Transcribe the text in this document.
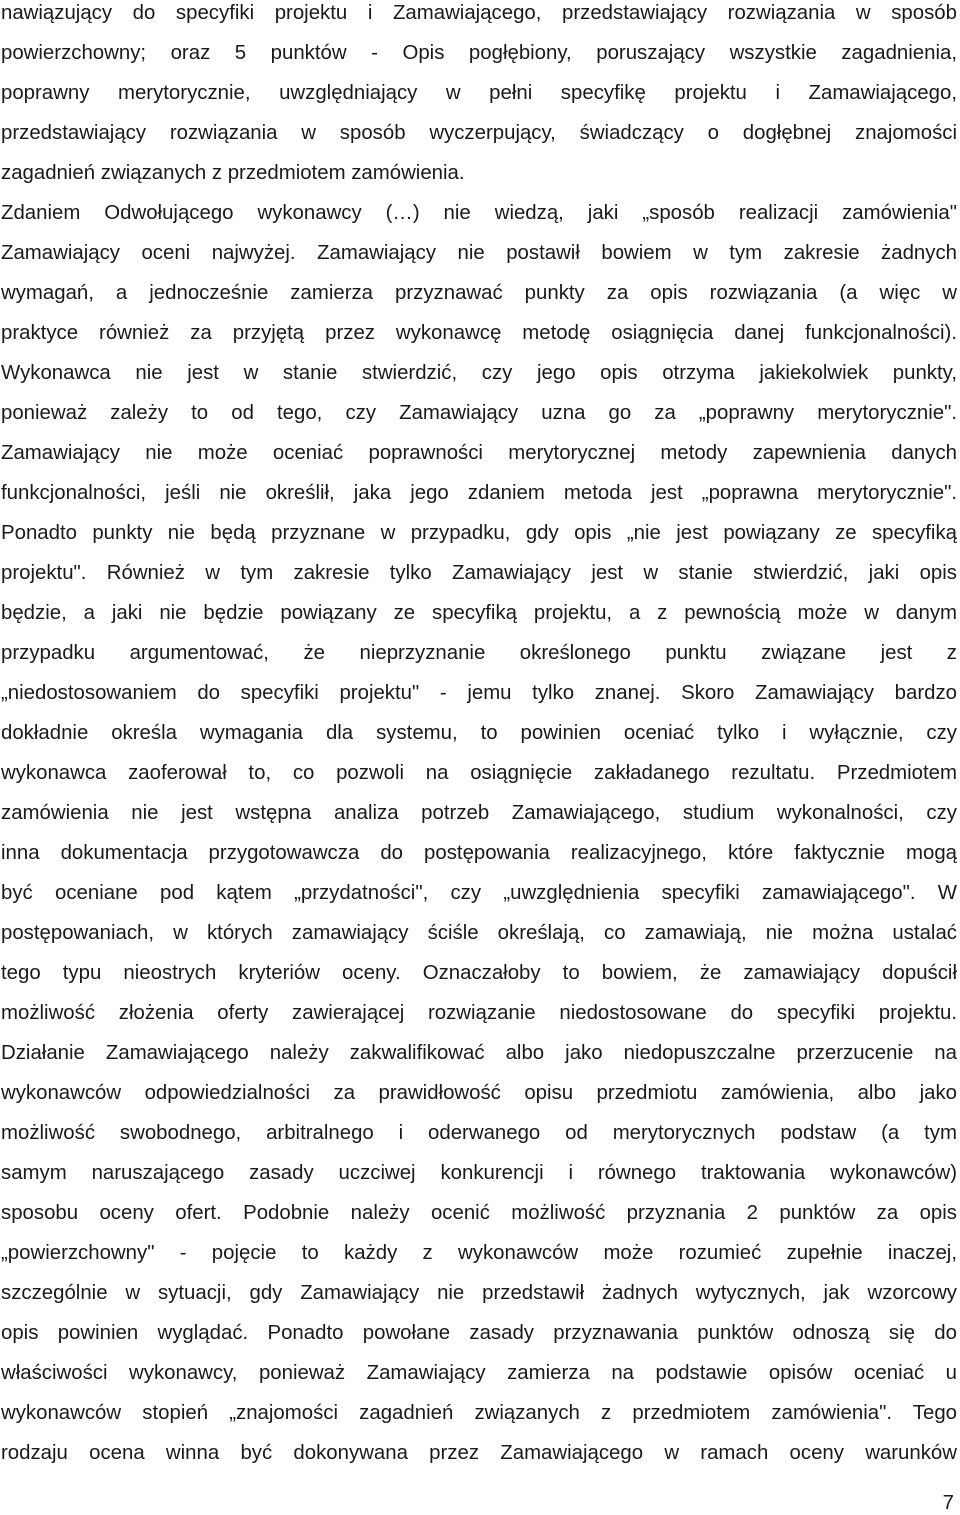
nawiązujący do specyfiki projektu i Zamawiającego, przedstawiający rozwiązania w sposób
powierzchowny; oraz 5 punktów - Opis pogłębiony, poruszający wszystkie zagadnienia,
poprawny merytorycznie, uwzględniający w pełni specyfikę projektu i Zamawiającego,
przedstawiający rozwiązania w sposób wyczerpujący, świadczący o dogłębnej znajomości
zagadnień związanych z przedmiotem zamówienia.
Zdaniem Odwołującego wykonawcy (…) nie wiedzą, jaki „sposób realizacji zamówienia"
Zamawiający oceni najwyżej. Zamawiający nie postawił bowiem w tym zakresie żadnych
wymagań, a jednocześnie zamierza przyznawać punkty za opis rozwiązania (a więc w
praktyce również za przyjętą przez wykonawcę metodę osiągnięcia danej funkcjonalności).
Wykonawca nie jest w stanie stwierdzić, czy jego opis otrzyma jakiekolwiek punkty,
ponieważ zależy to od tego, czy Zamawiający uzna go za „poprawny merytorycznie".
Zamawiający nie może oceniać poprawności merytorycznej metody zapewnienia danych
funkcjonalności, jeśli nie określił, jaka jego zdaniem metoda jest „poprawna merytorycznie".
Ponadto punkty nie będą przyznane w przypadku, gdy opis „nie jest powiązany ze specyfiką
projektu". Również w tym zakresie tylko Zamawiający jest w stanie stwierdzić, jaki opis
będzie, a jaki nie będzie powiązany ze specyfiką projektu, a z pewnością może w danym
przypadku argumentować, że nieprzyznanie określonego punktu związane jest z
„niedostosowaniem do specyfiki projektu" - jemu tylko znanej. Skoro Zamawiający bardzo
dokładnie określa wymagania dla systemu, to powinien oceniać tylko i wyłącznie, czy
wykonawca zaoferował to, co pozwoli na osiągnięcie zakładanego rezultatu. Przedmiotem
zamówienia nie jest wstępna analiza potrzeb Zamawiającego, studium wykonalności, czy
inna dokumentacja przygotowawcza do postępowania realizacyjnego, które faktycznie mogą
być oceniane pod kątem „przydatności", czy „uwzględnienia specyfiki zamawiającego". W
postępowaniach, w których zamawiający ściśle określają, co zamawiają, nie można ustalać
tego typu nieostrych kryteriów oceny. Oznaczałoby to bowiem, że zamawiający dopuścił
możliwość złożenia oferty zawierającej rozwiązanie niedostosowane do specyfiki projektu.
Działanie Zamawiającego należy zakwalifikować albo jako niedopuszczalne przerzucenie na
wykonawców odpowiedzialności za prawidłowość opisu przedmiotu zamówienia, albo jako
możliwość swobodnego, arbitralnego i oderwanego od merytorycznych podstaw (a tym
samym naruszającego zasady uczciwej konkurencji i równego traktowania wykonawców)
sposobu oceny ofert. Podobnie należy ocenić możliwość przyznania 2 punktów za opis
„powierzchowny" - pojęcie to każdy z wykonawców może rozumieć zupełnie inaczej,
szczególnie w sytuacji, gdy Zamawiający nie przedstawił żadnych wytycznych, jak wzorcowy
opis powinien wyglądać. Ponadto powołane zasady przyznawania punktów odnoszą się do
właściwości wykonawcy, ponieważ Zamawiający zamierza na podstawie opisów oceniać u
wykonawców stopień „znajomości zagadnień związanych z przedmiotem zamówienia". Tego
rodzaju ocena winna być dokonywana przez Zamawiającego w ramach oceny warunków
7
